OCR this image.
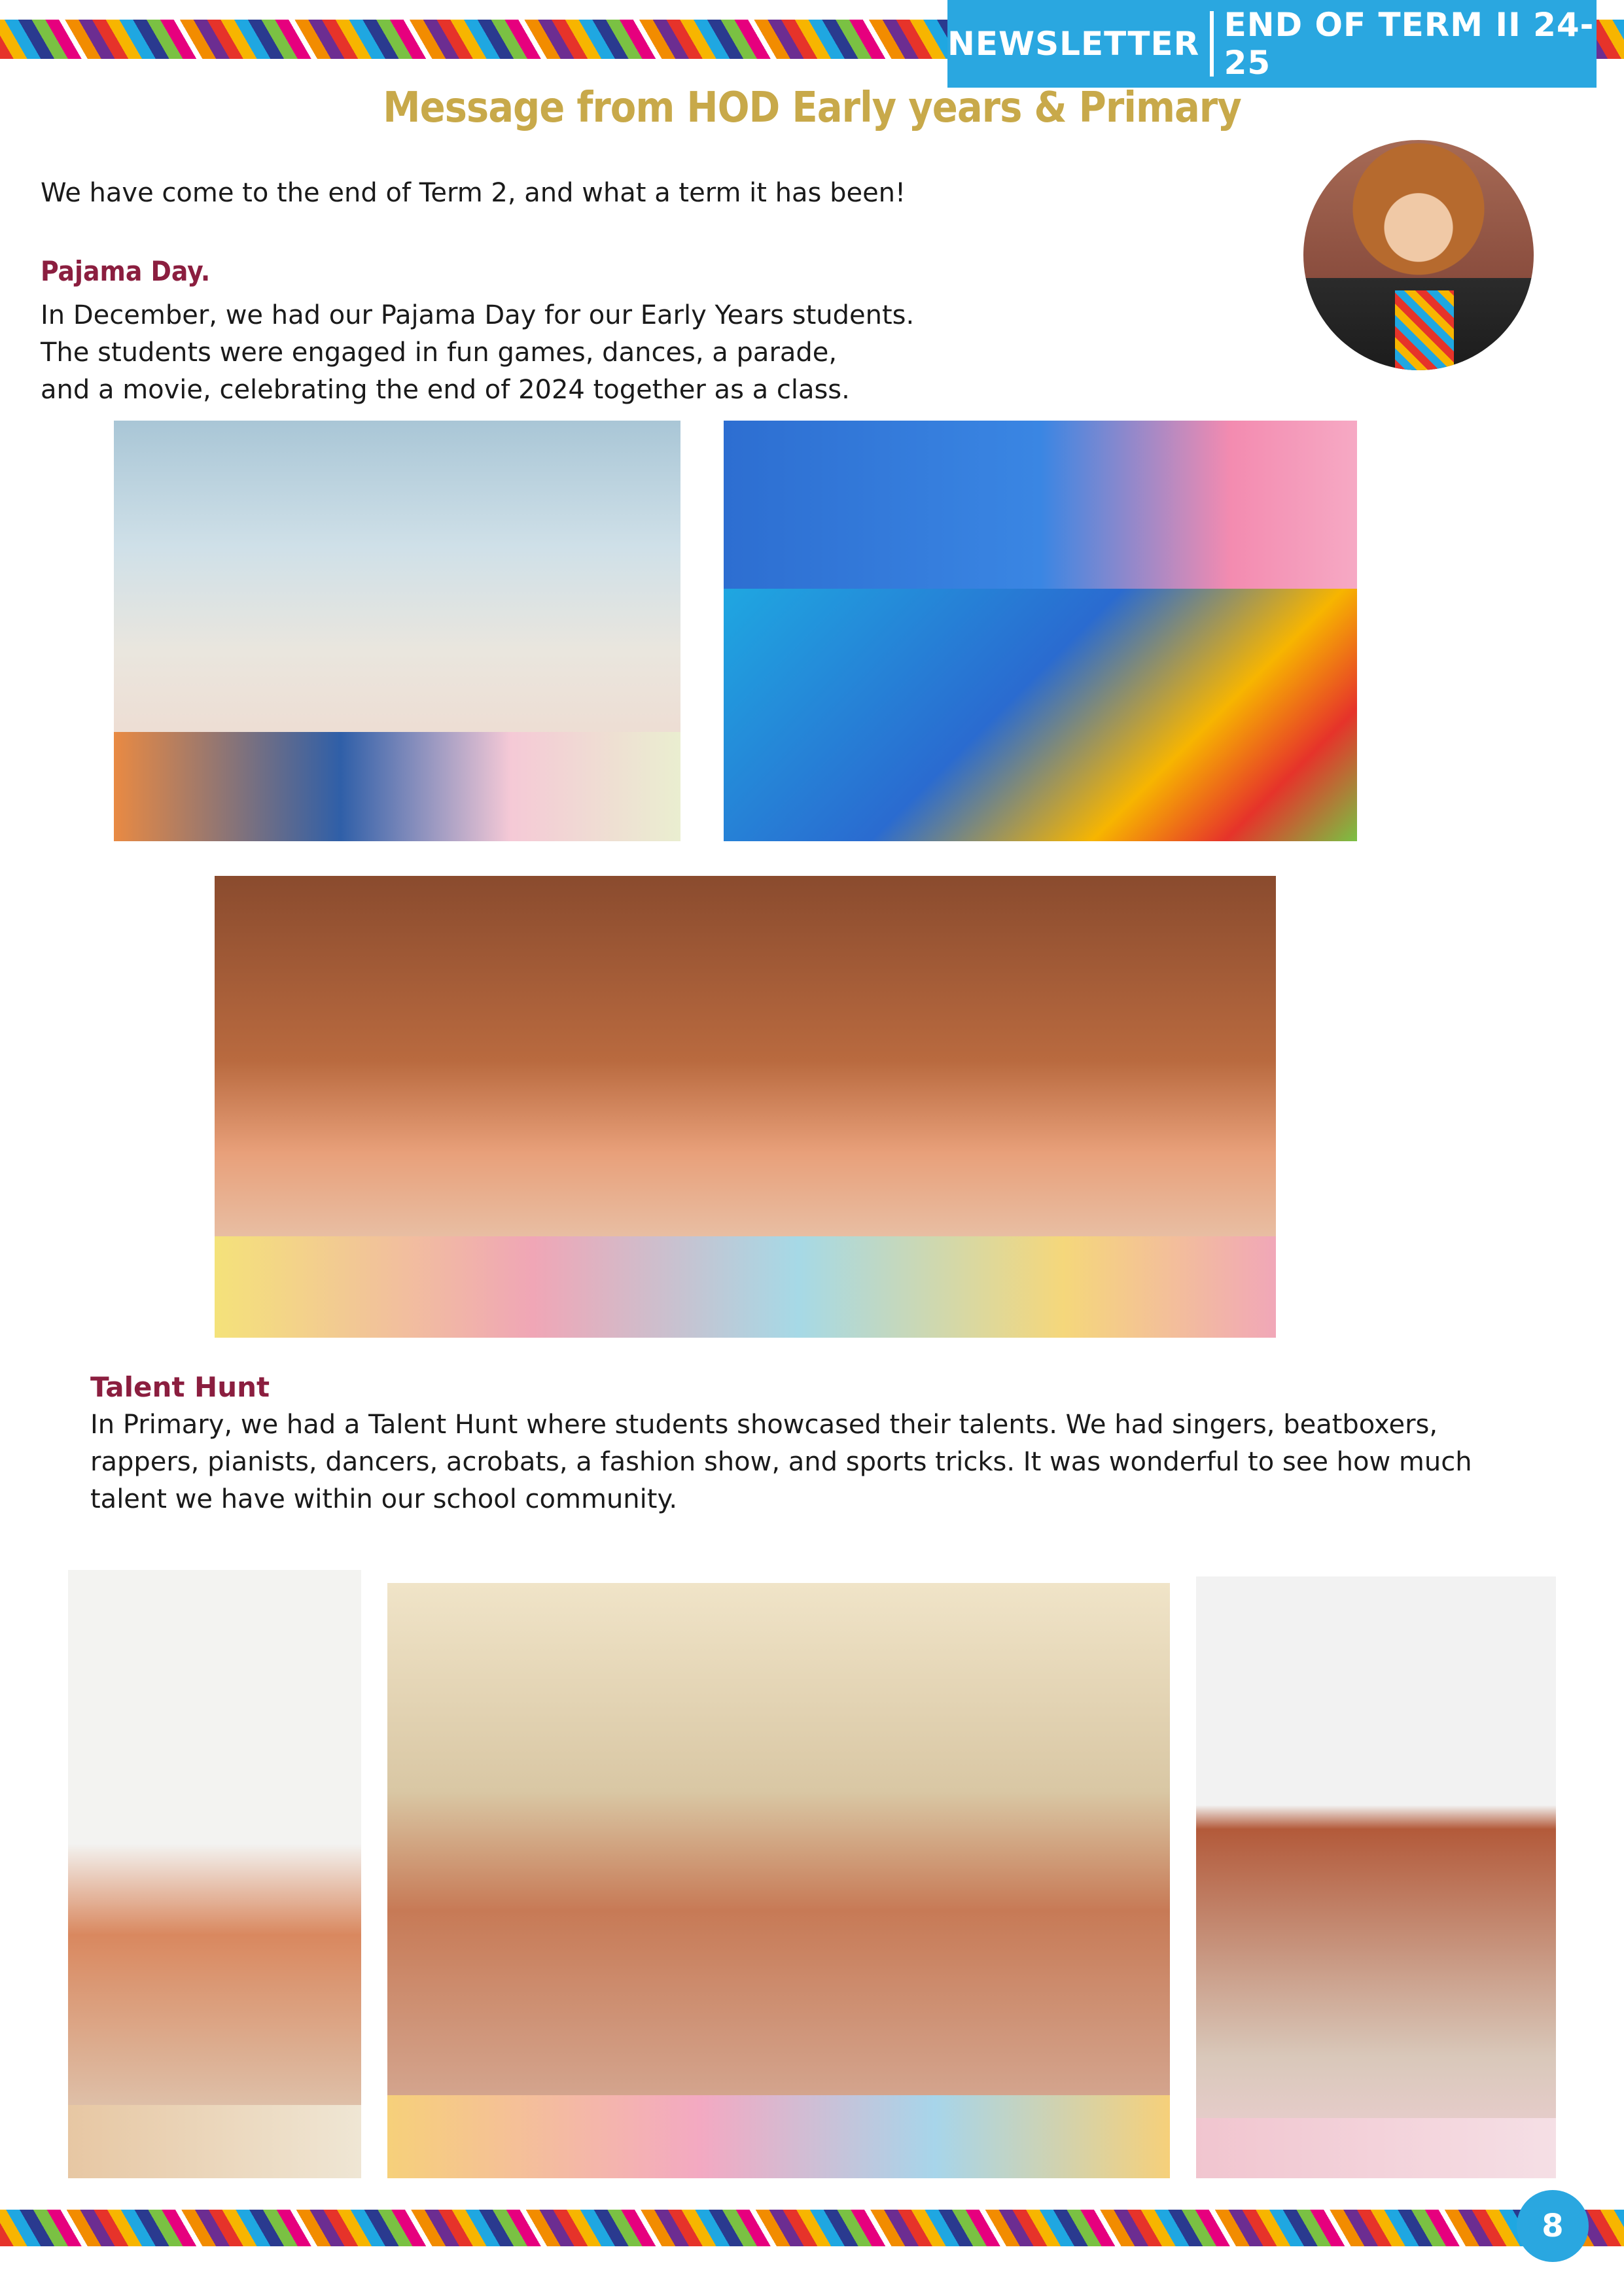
NEWSLETTER END OF TERM II 24-25
Message from HOD Early years & Primary
We have come to the end of Term 2, and what a term it has been!
Pajama Day.
In December, we had our Pajama Day for our Early Years students.
The students were engaged in fun games, dances, a parade,
and a movie, celebrating the end of 2024 together as a class.
Talent Hunt
In Primary, we had a Talent Hunt where students showcased their talents. We had singers, beatboxers,
rappers, pianists, dancers, acrobats, a fashion show, and sports tricks. It was wonderful to see how much
talent we have within our school community.
8
